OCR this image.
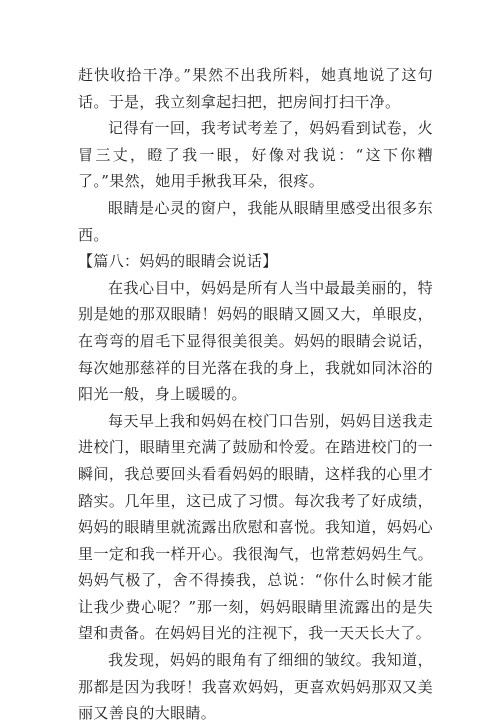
赶快收拾干净。”果然不出我所料，她真地说了这句话。于是，我立刻拿起扫把，把房间打扫干净。

记得有一回，我考试考差了，妈妈看到试卷，火冒三丈，瞪了我一眼，好像对我说：“这下你糟了。”果然，她用手揪我耳朵，很疼。

眼睛是心灵的窗户，我能从眼睛里感受出很多东西。

【篇八：妈妈的眼睛会说话】

在我心目中，妈妈是所有人当中最最美丽的，特别是她的那双眼睛！妈妈的眼睛又圆又大，单眼皮，在弯弯的眉毛下显得很美很美。妈妈的眼睛会说话，每次她那慈祥的目光落在我的身上，我就如同沐浴的阳光一般，身上暖暖的。

每天早上我和妈妈在校门口告别，妈妈目送我走进校门，眼睛里充满了鼓励和怜爱。在踏进校门的一瞬间，我总要回头看看妈妈的眼睛，这样我的心里才踏实。几年里，这已成了习惯。每次我考了好成绩，妈妈的眼睛里就流露出欣慰和喜悦。我知道，妈妈心里一定和我一样开心。我很淘气，也常惹妈妈生气。妈妈气极了，舍不得揍我，总说：“你什么时候才能让我少费心呢？”那一刻，妈妈眼睛里流露出的是失望和责备。在妈妈目光的注视下，我一天天长大了。

我发现，妈妈的眼角有了细细的皱纹。我知道，那都是因为我呀！我喜欢妈妈，更喜欢妈妈那双又美丽又善良的大眼睛。
